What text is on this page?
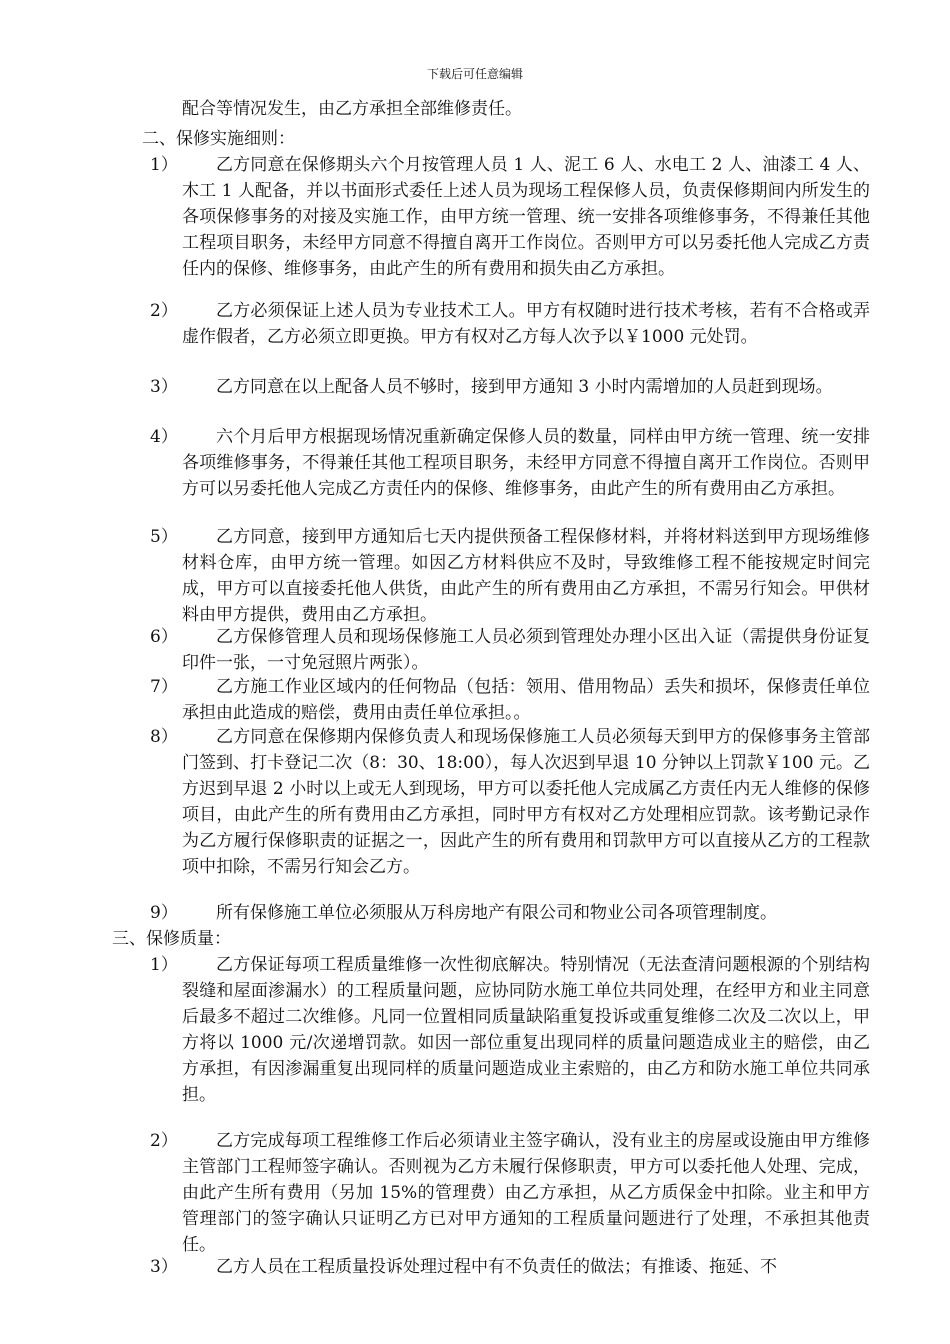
下载后可任意编辑
配合等情况发生，由乙方承担全部维修责任。
二、保修实施细则：
1）	乙方同意在保修期头六个月按管理人员 1 人、泥工 6 人、水电工 2 人、油漆工 4 人、木工 1 人配备，并以书面形式委任上述人员为现场工程保修人员，负责保修期间内所发生的各项保修事务的对接及实施工作，由甲方统一管理、统一安排各项维修事务，不得兼任其他工程项目职务，未经甲方同意不得擅自离开工作岗位。否则甲方可以另委托他人完成乙方责任内的保修、维修事务，由此产生的所有费用和损失由乙方承担。
2）	乙方必须保证上述人员为专业技术工人。甲方有权随时进行技术考核，若有不合格或弄虚作假者，乙方必须立即更换。甲方有权对乙方每人次予以￥1000 元处罚。
3）	乙方同意在以上配备人员不够时，接到甲方通知 3 小时内需增加的人员赶到现场。
4）	六个月后甲方根据现场情况重新确定保修人员的数量，同样由甲方统一管理、统一安排各项维修事务，不得兼任其他工程项目职务，未经甲方同意不得擅自离开工作岗位。否则甲方可以另委托他人完成乙方责任内的保修、维修事务，由此产生的所有费用由乙方承担。
5）	乙方同意，接到甲方通知后七天内提供预备工程保修材料，并将材料送到甲方现场维修材料仓库，由甲方统一管理。如因乙方材料供应不及时，导致维修工程不能按规定时间完成，甲方可以直接委托他人供货，由此产生的所有费用由乙方承担，不需另行知会。甲供材料由甲方提供，费用由乙方承担。
6）	乙方保修管理人员和现场保修施工人员必须到管理处办理小区出入证（需提供身份证复印件一张，一寸免冠照片两张）。
7）	乙方施工作业区域内的任何物品（包括：领用、借用物品）丢失和损坏，保修责任单位承担由此造成的赔偿，费用由责任单位承担。。
8）	乙方同意在保修期内保修负责人和现场保修施工人员必须每天到甲方的保修事务主管部门签到、打卡登记二次（8：30、18:00），每人次迟到早退 10 分钟以上罚款￥100 元。乙方迟到早退 2 小时以上或无人到现场，甲方可以委托他人完成属乙方责任内无人维修的保修项目，由此产生的所有费用由乙方承担，同时甲方有权对乙方处理相应罚款。该考勤记录作为乙方履行保修职责的证据之一，因此产生的所有费用和罚款甲方可以直接从乙方的工程款项中扣除，不需另行知会乙方。
9）	所有保修施工单位必须服从万科房地产有限公司和物业公司各项管理制度。
三、保修质量：
1）	乙方保证每项工程质量维修一次性彻底解决。特别情况（无法查清问题根源的个别结构裂缝和屋面渗漏水）的工程质量问题，应协同防水施工单位共同处理，在经甲方和业主同意后最多不超过二次维修。凡同一位置相同质量缺陷重复投诉或重复维修二次及二次以上，甲方将以 1000 元/次递增罚款。如因一部位重复出现同样的质量问题造成业主的赔偿，由乙方承担，有因渗漏重复出现同样的质量问题造成业主索赔的，由乙方和防水施工单位共同承担。
2）	乙方完成每项工程维修工作后必须请业主签字确认，没有业主的房屋或设施由甲方维修主管部门工程师签字确认。否则视为乙方未履行保修职责，甲方可以委托他人处理、完成，由此产生所有费用（另加 15%的管理费）由乙方承担，从乙方质保金中扣除。业主和甲方管理部门的签字确认只证明乙方已对甲方通知的工程质量问题进行了处理，不承担其他责任。
3）	乙方人员在工程质量投诉处理过程中有不负责任的做法；有推诿、拖延、不
